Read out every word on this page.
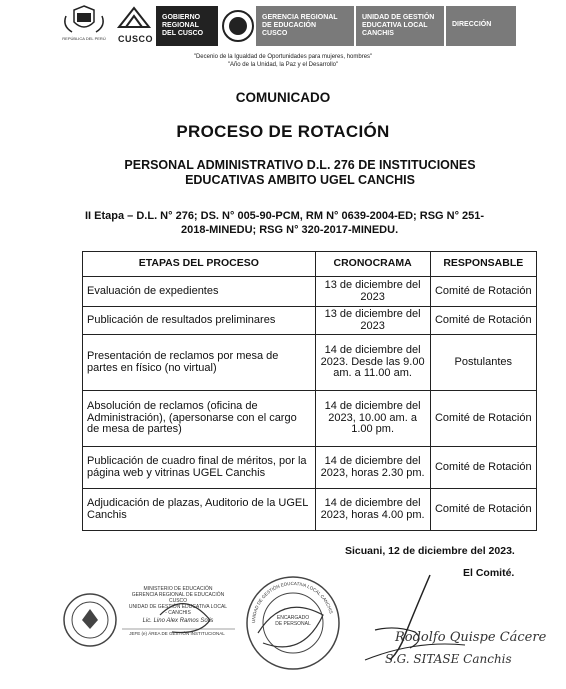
REPÚBLICA DEL PERÚ	CUSCO
GOBIERNO
REGIONAL
DEL CUSCO
GERENCIA REGIONAL
DE EDUCACIÓN
CUSCO
UNIDAD DE GESTIÓN
EDUCATIVA LOCAL
CANCHIS
DIRECCIÓN
"Decenio de la Igualdad de Oportunidades para mujeres, hombres"
"Año de la Unidad, la Paz y el Desarrollo"
COMUNICADO
PROCESO DE ROTACIÓN
PERSONAL ADMINISTRATIVO D.L. 276 DE INSTITUCIONES
EDUCATIVAS AMBITO UGEL CANCHIS
II Etapa – D.L. N° 276; DS. N° 005-90-PCM, RM N° 0639-2004-ED; RSG N° 251-
2018-MINEDU; RSG N° 320-2017-MINEDU.
ETAPAS DEL PROCESO	CRONOCRAMA	RESPONSABLE
Evaluación de expedientes	13 de diciembre del 2023	Comité de Rotación
Publicación de resultados preliminares	13 de diciembre del 2023	Comité de Rotación
Presentación de reclamos por mesa de partes en físico (no virtual)	14 de diciembre del 2023. Desde las 9.00 am. a 11.00 am.	Postulantes
Absolución de reclamos (oficina de Administración), (apersonarse con el cargo de mesa de partes)	14 de diciembre del 2023, 10.00 am. a 1.00 pm.	Comité de Rotación
Publicación de cuadro final de méritos, por la página web y vitrinas UGEL Canchis	14 de diciembre del 2023, horas 2.30 pm.	Comité de Rotación
Adjudicación de plazas, Auditorio de la UGEL Canchis	14 de diciembre del 2023, horas 4.00 pm.	Comité de Rotación
Sicuani, 12 de diciembre del 2023.
El Comité.
MINISTERIO DE EDUCACIÓN
GERENCIA REGIONAL DE EDUCACIÓN CUSCO
UNIDAD DE GESTIÓN EDUCATIVA LOCAL - CANCHIS
Lic. Lino Alex Ramos Solis
JEFE (e) ÁREA DE GESTIÓN INSTITUCIONAL
UNIDAD DE GESTIÓN EDUCATIVA LOCAL CANCHIS
ENCARGADO DE PERSONAL
Rodolfo Quispe Cácere
S.G. SITASE Canchis
